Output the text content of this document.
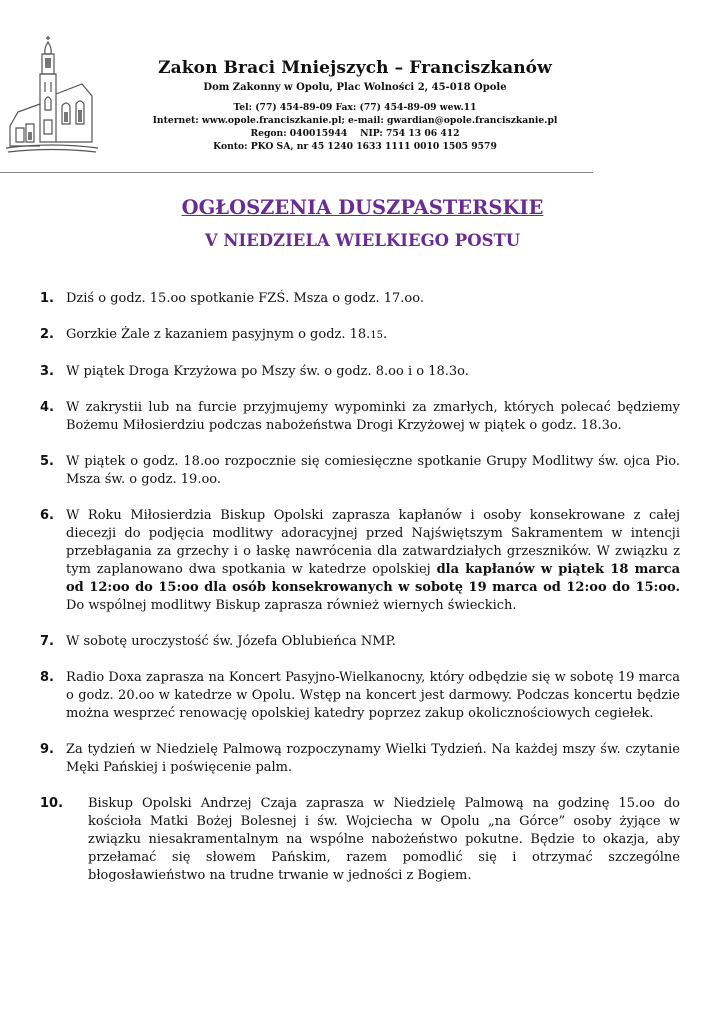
Zakon Braci Mniejszych – Franciszkanów
Dom Zakonny w Opolu, Plac Wolności 2, 45-018 Opole
Tel: (77) 454-89-09 Fax: (77) 454-89-09 wew.11
Internet: www.opole.franciszkanie.pl; e-mail: gwardian@opole.franciszkanie.pl
Regon: 040015944    NIP: 754 13 06 412
Konto: PKO SA, nr 45 1240 1633 1111 0010 1505 9579
OGŁOSZENIA DUSZPASTERSKIE
V NIEDZIELA WIELKIEGO POSTU
1. Dziś o godz. 15.oo spotkanie FZŚ. Msza o godz. 17.oo.
2. Gorzkie Żale z kazaniem pasyjnym o godz. 18.15.
3. W piątek Droga Krzyżowa po Mszy św. o godz. 8.oo i o 18.3o.
4. W zakrystii lub na furcie przyjmujemy wypominki za zmarłych, których polecać będziemy Bożemu Miłosierdziu podczas nabożeństwa Drogi Krzyżowej w piątek o godz. 18.3o.
5. W piątek o godz. 18.oo rozpocznie się comiesięczne spotkanie Grupy Modlitwy św. ojca Pio. Msza św. o godz. 19.oo.
6. W Roku Miłosierdzia Biskup Opolski zaprasza kapłanów i osoby konsekrowane z całej diecezji do podjęcia modlitwy adoracyjnej przed Najświętszym Sakramentem w intencji przebłagania za grzechy i o łaskę nawrócenia dla zatwardziałych grzeszników. W związku z tym zaplanowano dwa spotkania w katedrze opolskiej dla kapłanów w piątek 18 marca od 12:oo do 15:oo dla osób konsekrowanych w sobotę 19 marca od 12:oo do 15:oo. Do wspólnej modlitwy Biskup zaprasza również wiernych świeckich.
7. W sobotę uroczystość św. Józefa Oblubieńca NMP.
8. Radio Doxa zaprasza na Koncert Pasyjno-Wielkanocny, który odbędzie się w sobotę 19 marca o godz. 20.oo w katedrze w Opolu. Wstęp na koncert jest darmowy. Podczas koncertu będzie można wesprzeć renowację opolskiej katedry poprzez zakup okolicznościowych cegiełek.
9. Za tydzień w Niedzielę Palmową rozpoczynamy Wielki Tydzień. Na każdej mszy św. czytanie Męki Pańskiej i poświęcenie palm.
10.	Biskup Opolski Andrzej Czaja zaprasza w Niedzielę Palmową na godzinę 15.oo do kościoła Matki Bożej Bolesnej i św. Wojciecha w Opolu „na Górce” osoby żyjące w związku niesakramentalnym na wspólne nabożeństwo pokutne. Będzie to okazja, aby przełamać się słowem Pańskim, razem pomodlić się i otrzymać szczególne błogosławieństwo na trudne trwanie w jedności z Bogiem.
